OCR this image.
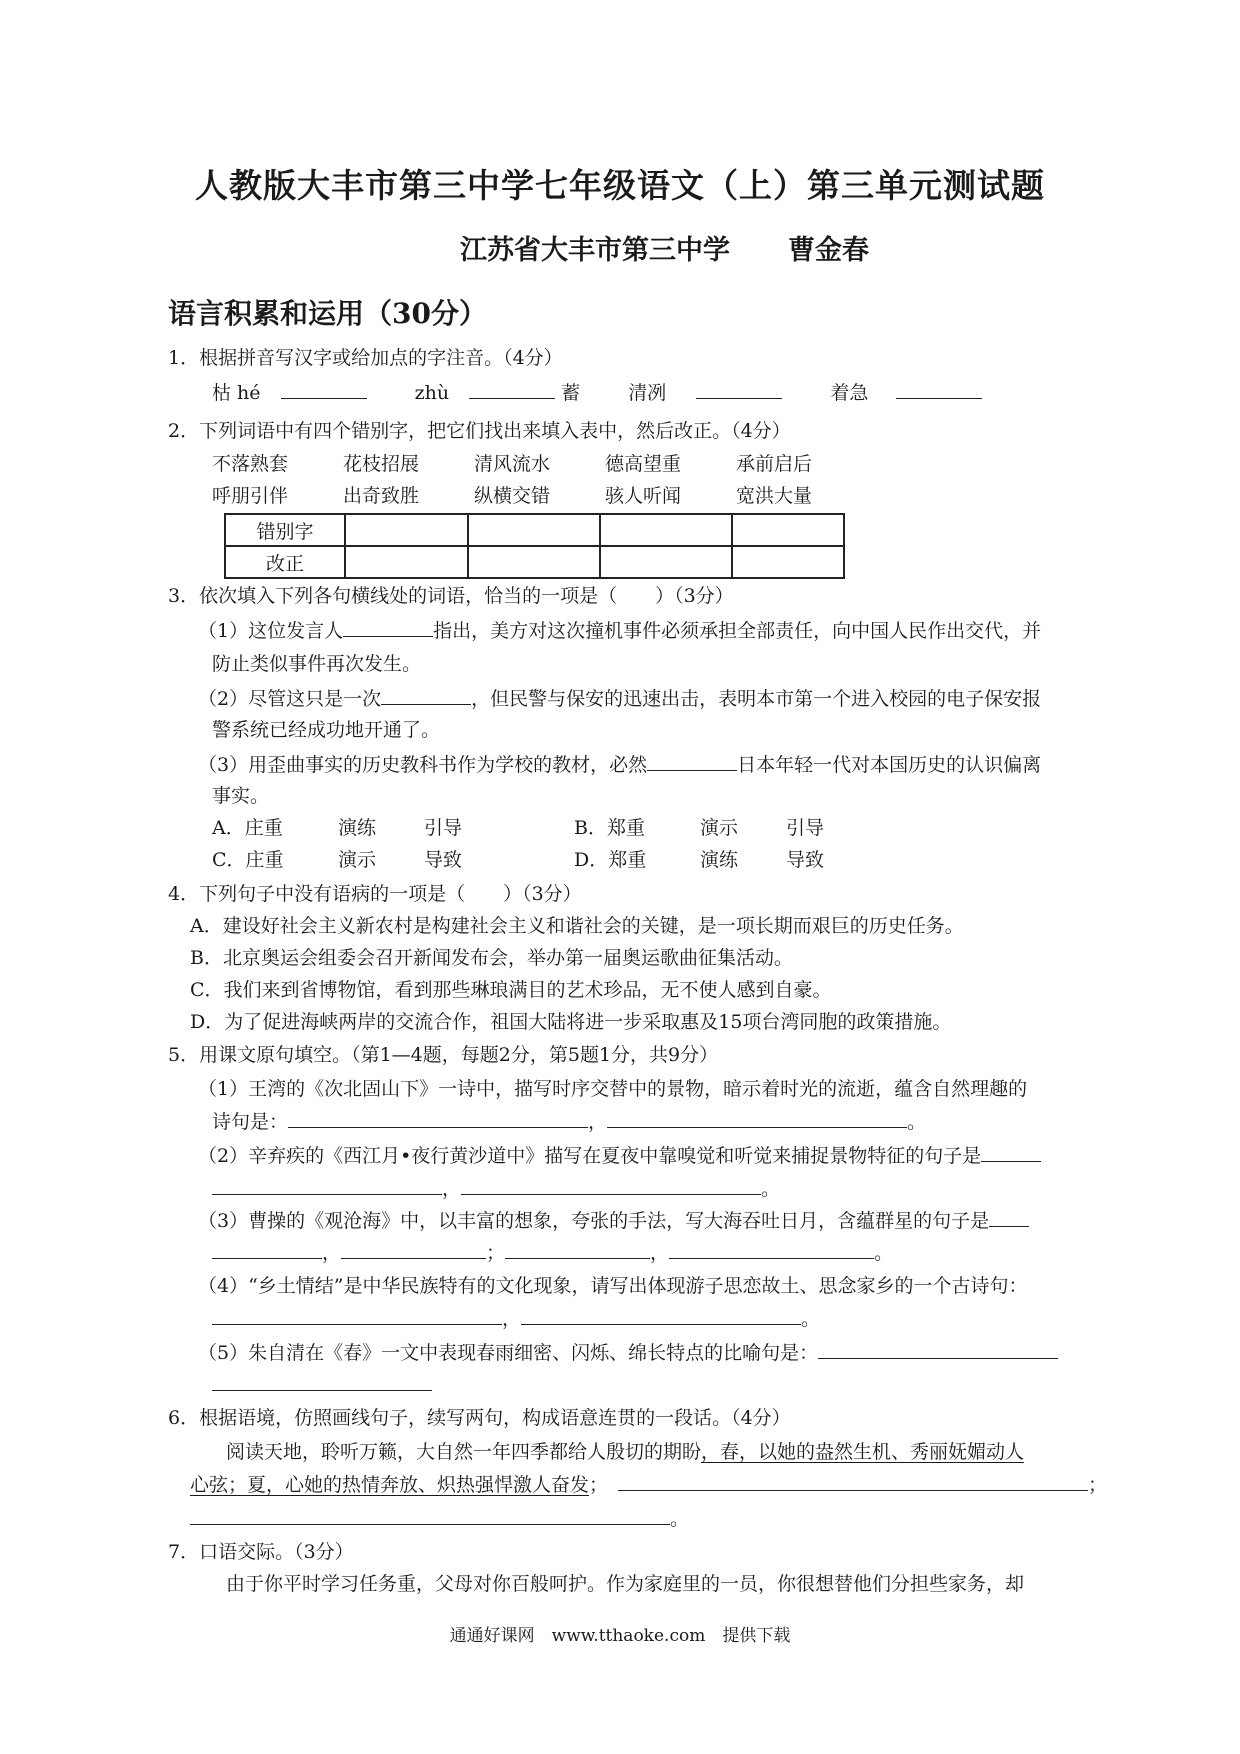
人教版大丰市第三中学七年级语文（上）第三单元测试题
江苏省大丰市第三中学 曹金春
语言积累和运用（30分）
1．根据拼音写汉字或给加点的字注音。（4分）
枯 hé	zhù	蓄	清冽	着急
2．下列词语中有四个错别字，把它们找出来填入表中，然后改正。（4分）
不落熟套	花枝招展	清风流水	德高望重	承前启后
呼朋引伴	出奇致胜	纵横交错	骇人听闻	宽洪大量
错别字				
改正				
3．依次填入下列各句横线处的词语，恰当的一项是（　　）（3分）
（1）这位发言人	指出，美方对这次撞机事件必须承担全部责任，向中国人民作出交代，并
防止类似事件再次发生。
（2）尽管这只是一次	，但民警与保安的迅速出击，表明本市第一个进入校园的电子保安报
警系统已经成功地开通了。
（3）用歪曲事实的历史教科书作为学校的教材，必然	日本年轻一代对本国历史的认识偏离
事实。
A．庄重	演练	引导	B．郑重	演示	引导
C．庄重	演示	导致	D．郑重	演练	导致
4．下列句子中没有语病的一项是（　　）（3分）
A．建设好社会主义新农村是构建社会主义和谐社会的关键，是一项长期而艰巨的历史任务。
B．北京奥运会组委会召开新闻发布会，举办第一届奥运歌曲征集活动。
C．我们来到省博物馆，看到那些琳琅满目的艺术珍品，无不使人感到自豪。
D．为了促进海峡两岸的交流合作，祖国大陆将进一步采取惠及15项台湾同胞的政策措施。
5．用课文原句填空。（第1—4题，每题2分，第5题1分，共9分）
（1）王湾的《次北固山下》一诗中，描写时序交替中的景物，暗示着时光的流逝，蕴含自然理趣的
诗句是：	，	。
（2）辛弃疾的《西江月•夜行黄沙道中》描写在夏夜中靠嗅觉和听觉来捕捉景物特征的句子是
，	。
（3）曹操的《观沧海》中，以丰富的想象，夸张的手法，写大海吞吐日月，含蕴群星的句子是
，	；	，	。
（4）“乡土情结”是中华民族特有的文化现象，请写出体现游子思恋故土、思念家乡的一个古诗句：
，	。
（5）朱自清在《春》一文中表现春雨细密、闪烁、绵长特点的比喻句是：
6．根据语境，仿照画线句子，续写两句，构成语意连贯的一段话。（4分）
阅读天地，聆听万籁，大自然一年四季都给人殷切的期盼，春，以她的盎然生机、秀丽妩媚动人
心弦；夏，心她的热情奔放、炽热强悍激人奋发；	；
。
7．口语交际。（3分）
由于你平时学习任务重，父母对你百般呵护。作为家庭里的一员，你很想替他们分担些家务，却
通通好课网　www.tthaoke.com　提供下载
